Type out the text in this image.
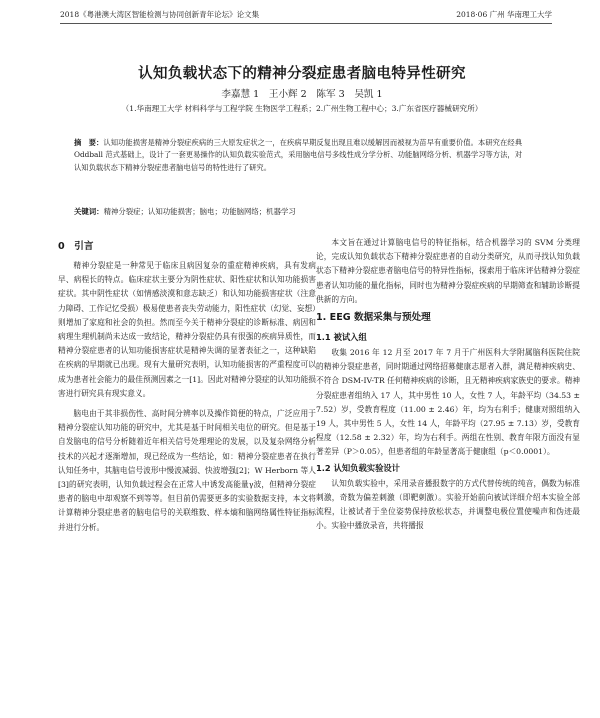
2018《粤港澳大湾区智能检测与协同创新青年论坛》论文集	2018·06 广州 华南理工大学
认知负载状态下的精神分裂症患者脑电特异性研究
李嘉慧 1　王小辉 2　陈军 3　吴凯 1
（1.华南理工大学 材料科学与工程学院 生物医学工程系；2.广州生物工程中心；3.广东省医疗器械研究所）
摘　要：认知功能损害是精神分裂症疾病的三大原发症状之一，在疾病早期反复出现且难以缓解因而被视为苗早有重要价值。本研究在经典 Oddball 范式基础上，设计了一套更易操作的认知负载实验范式，采用脑电信号多线性成分学分析、功能脑网络分析、机器学习等方法，对认知负载状态下精神分裂症患者脑电信号的特性进行了研究。
关键词：精神分裂症；认知功能损害；脑电；功能脑网络；机器学习
0　引言

精神分裂症是一种常见于临床且病因复杂的重症精神疾病，具有发病早、病程长的特点。临床症状主要分为阴性症状、阳性症状和认知功能损害症状。其中阴性症状（如情感淡漠和意志缺乏）和认知功能损害症状（注意力障碍、工作记忆受损）极易使患者丧失劳动能力，阳性症状（幻觉、妄想）则增加了家庭和社会的负担。然而至今关于精神分裂症的诊断标准、病因和病理生理机制尚未达成一致结论，精神分裂症仍具有很强的疾病异质性，而精神分裂症患者的认知功能损害症状是精神失调的显著表征之一，这种缺陷在疾病的早期就已出现。现有大量研究表明，认知功能损害的严重程度可以成为患者社会能力的最佳预测因素之一[1]。因此对精神分裂症的认知功能损害进行研究具有现实意义。

脑电由于其非损伤性、高时间分辨率以及操作简便的特点，广泛应用于精神分裂症认知功能的研究中，尤其是基于时间相关电位的研究。但是基于自发脑电的信号分析随着近年相关信号处理理论的发展，以及复杂网络分析技术的兴起才逐渐增加，现已经成为一些结论，如：精神分裂症患者在执行认知任务中，其脑电信号波形中慢波减弱、快波增强[2]；W Herborn 等人[3]的研究表明，认知负载过程会在正常人中诱发高能量γ波，但精神分裂症患者的脑电中却观察不到等等。但目前仍需要更多的实验数据支持，本文将计算精神分裂症患者的脑电信号的关联维数、样本熵和脑网络属性特征指标并进行分析。

本文旨在通过计算脑电信号的特征指标，结合机器学习的 SVM 分类理论，完成认知负载状态下精神分裂症患者的自动分类研究，从而寻找认知负载状态下精神分裂症患者脑电信号的特异性指标，探索用于临床评估精神分裂症患者认知功能的量化指标，同时也为精神分裂症疾病的早期筛查和辅助诊断提供新的方向。

1. EEG 数据采集与预处理
1.1 被试入组

收集 2016 年 12 月至 2017 年 7 月于广州医科大学附属脑科医院住院的精神分裂症患者，同时期通过网络招募健康志愿者入群，满足精神疾病史、不符合 DSM-IV-TR 任何精神疾病的诊断，且无精神疾病家族史的要求。精神分裂症患者组纳入 17 人，其中男性 10 人，女性 7 人，年龄平均（34.53 ± 7.52）岁，受教育程度（11.00 ± 2.46）年，均为右利手；健康对照组纳入 19 人，其中男性 5 人，女性 14 人，年龄平均（27.95 ± 7.13）岁，受教育程度（12.58 ± 2.32）年，均为右利手。两组在性别、教育年限方面没有显著差异（P＞0.05），但患者组的年龄显著高于健康组（p＜0.0001）。

1.2 认知负载实验设计

认知负载实验中，采用录音播报数字的方式代替传统的纯音，偶数为标准刺激，奇数为偏差刺激（即靶刺激）。实验开始前向被试详细介绍本实验全部流程，让被试者于坐位姿势保持放松状态，并调整电极位置使噪声和伪迹最小。实验中播放录音，共将播报
